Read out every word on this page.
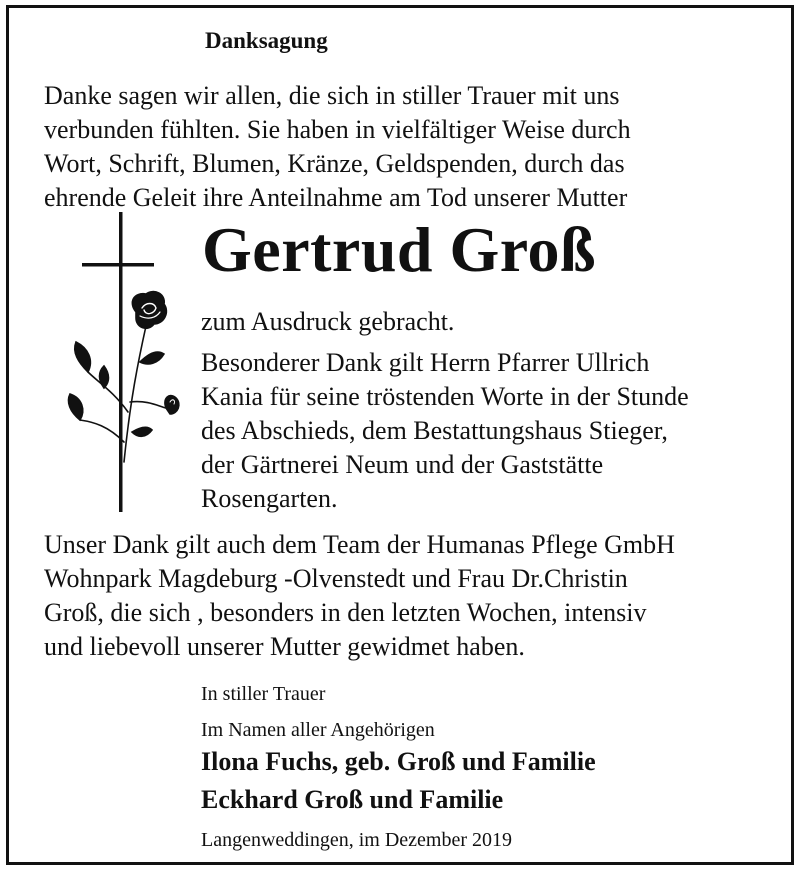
Danksagung
Danke sagen wir allen, die sich in stiller Trauer mit uns
verbunden fühlten. Sie haben in vielfältiger Weise durch
Wort, Schrift, Blumen, Kränze, Geldspenden, durch das
ehrende Geleit ihre Anteilnahme am Tod unserer Mutter
Gertrud Groß
zum Ausdruck gebracht.
Besonderer Dank gilt Herrn Pfarrer Ullrich
Kania für seine tröstenden Worte in der Stunde
des Abschieds, dem Bestattungshaus Stieger,
der Gärtnerei Neum und der Gaststätte
Rosengarten.
Unser Dank gilt auch dem Team der Humanas Pflege GmbH
Wohnpark Magdeburg -Olvenstedt und Frau Dr.Christin
Groß, die sich , besonders in den letzten Wochen, intensiv
und liebevoll unserer Mutter gewidmet haben.
In stiller Trauer
Im Namen aller Angehörigen
Ilona Fuchs, geb. Groß und Familie
Eckhard Groß und Familie
Langenweddingen, im Dezember 2019
